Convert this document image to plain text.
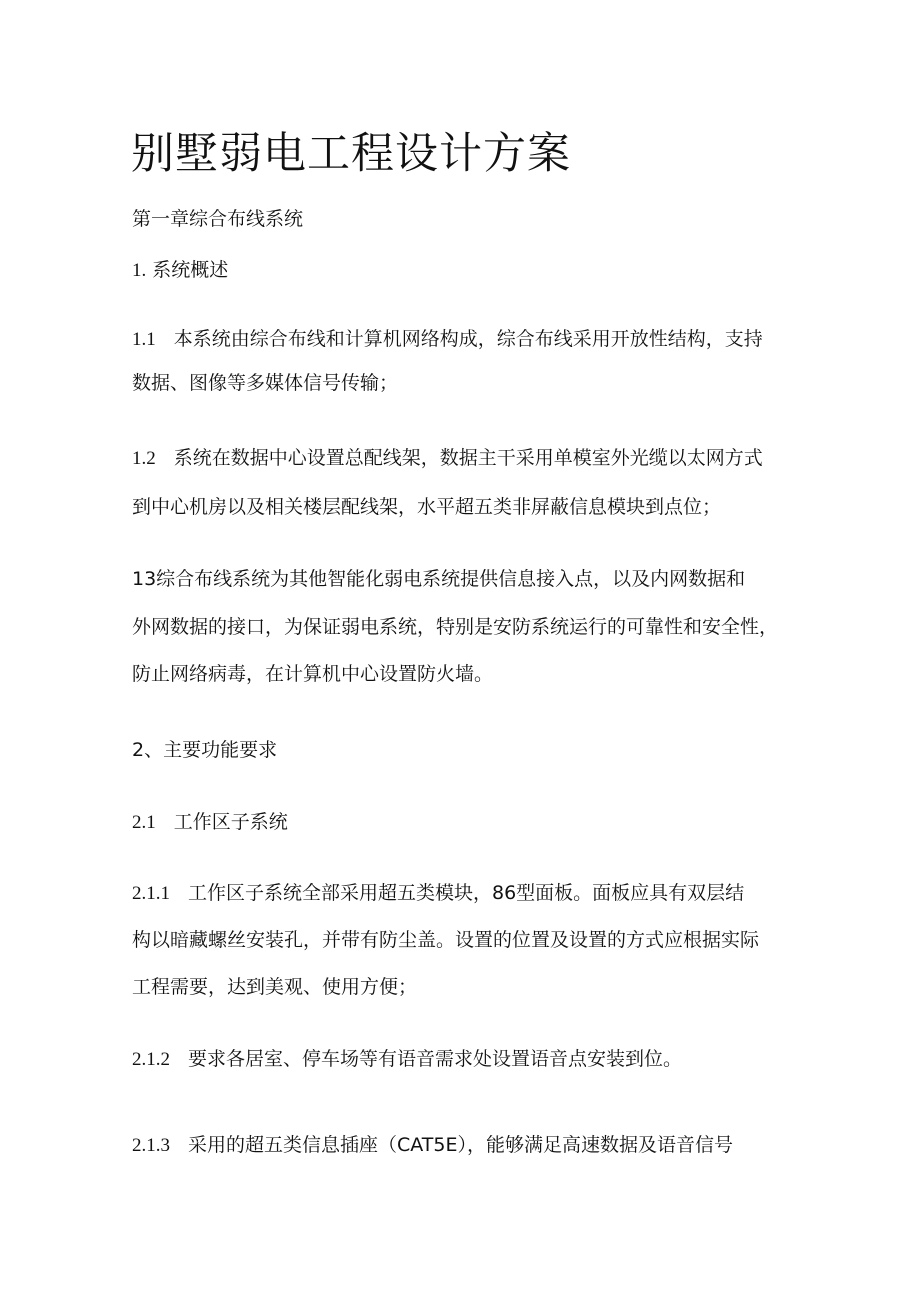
别墅弱电工程设计方案

第一章综合布线系统

1. 系统概述

1.1 本系统由综合布线和计算机网络构成，综合布线采用开放性结构，支持

数据、图像等多媒体信号传输；

1.2 系统在数据中心设置总配线架，数据主干采用单模室外光缆以太网方式

到中心机房以及相关楼层配线架，水平超五类非屏蔽信息模块到点位；

13综合布线系统为其他智能化弱电系统提供信息接入点，以及内网数据和

外网数据的接口，为保证弱电系统，特别是安防系统运行的可靠性和安全性，

防止网络病毒，在计算机中心设置防火墙。

2、主要功能要求

2.1 工作区子系统

2.1.1 工作区子系统全部采用超五类模块，86型面板。面板应具有双层结

构以暗藏螺丝安装孔，并带有防尘盖。设置的位置及设置的方式应根据实际

工程需要，达到美观、使用方便；

2.1.2 要求各居室、停车场等有语音需求处设置语音点安装到位。

2.1.3 采用的超五类信息插座（CAT5E），能够满足高速数据及语音信号
